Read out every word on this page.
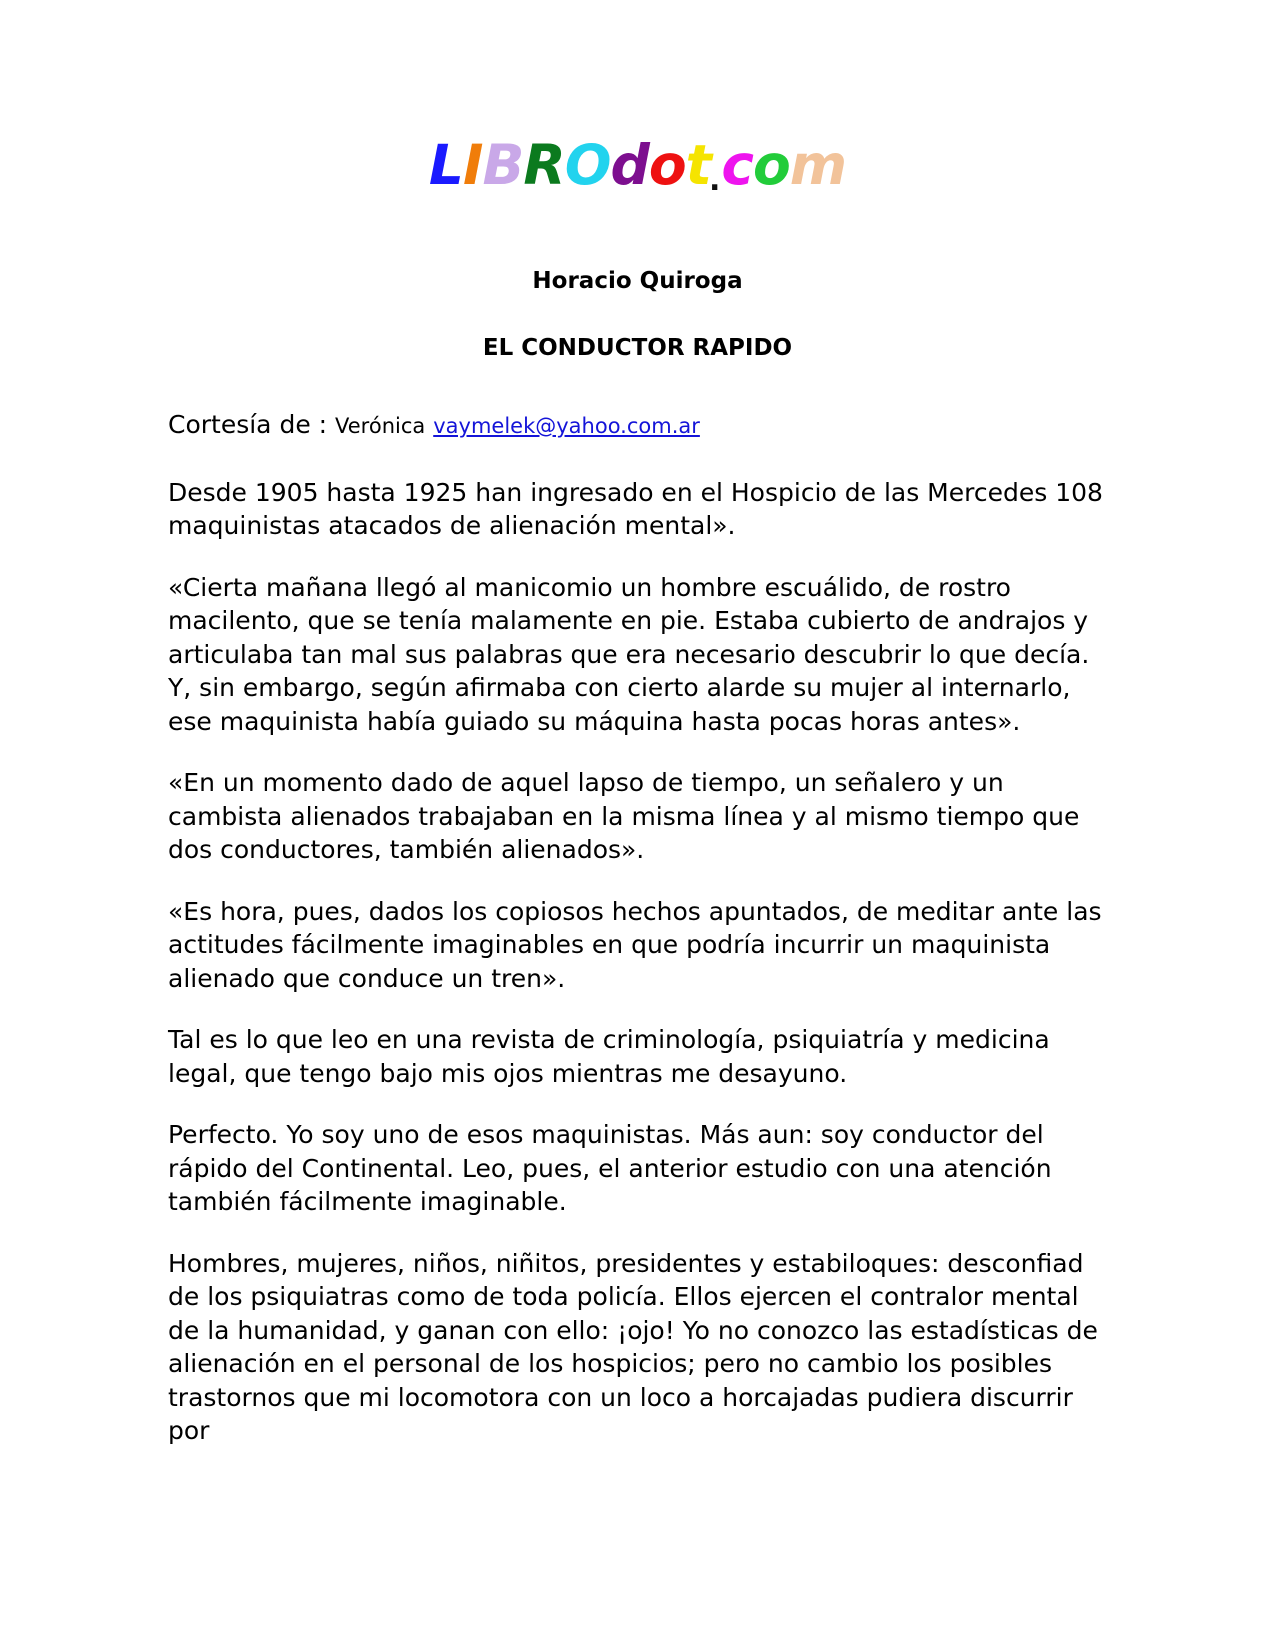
LIBROdot.com
Horacio Quiroga
EL CONDUCTOR RAPIDO
Cortesía de : Verónica vaymelek@yahoo.com.ar

Desde 1905 hasta 1925 han ingresado en el Hospicio de las Mercedes 108 maquinistas atacados de alienación mental».

«Cierta mañana llegó al manicomio un hombre escuálido, de rostro macilento, que se tenía malamente en pie. Estaba cubierto de andrajos y articulaba tan mal sus palabras que era necesario descubrir lo que decía. Y, sin embargo, según afirmaba con cierto alarde su mujer al internarlo, ese maquinista había guiado su máquina hasta pocas horas antes».

«En un momento dado de aquel lapso de tiempo, un señalero y un cambista alienados trabajaban en la misma línea y al mismo tiempo que dos conductores, también alienados».

«Es hora, pues, dados los copiosos hechos apuntados, de meditar ante las actitudes fácilmente imaginables en que podría incurrir un maquinista alienado que conduce un tren».

Tal es lo que leo en una revista de criminología, psiquiatría y medicina legal, que tengo bajo mis ojos mientras me desayuno.

Perfecto. Yo soy uno de esos maquinistas. Más aun: soy conductor del rápido del Continental. Leo, pues, el anterior estudio con una atención también fácilmente imaginable.

Hombres, mujeres, niños, niñitos, presidentes y estabiloques: desconfiad de los psiquiatras como de toda policía. Ellos ejercen el contralor mental de la humanidad, y ganan con ello: ¡ojo! Yo no conozco las estadísticas de alienación en el personal de los hospicios; pero no cambio los posibles trastornos que mi locomotora con un loco a horcajadas pudiera discurrir por
